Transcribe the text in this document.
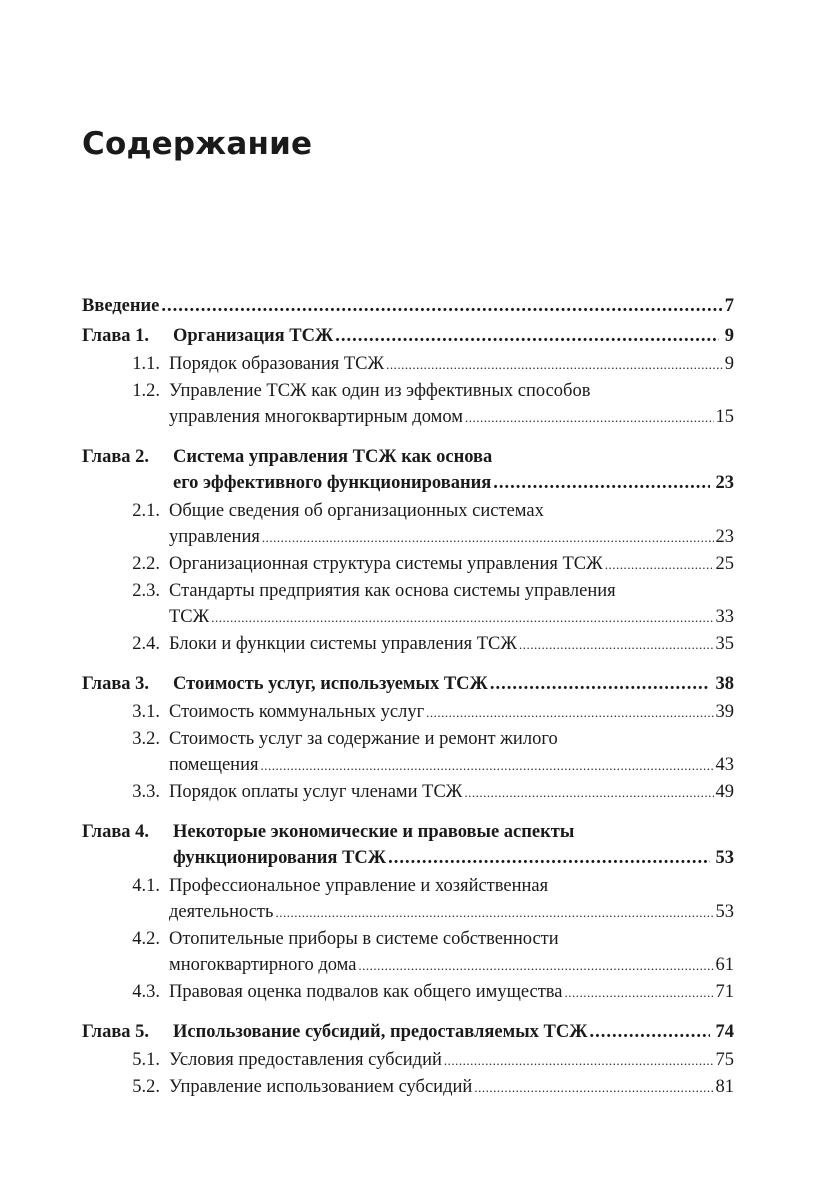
Содержание
Введение .....	7
Глава 1.	Организация ТСЖ .....	9
1.1. Порядок образования ТСЖ .....	9
1.2. Управление ТСЖ как один из эффективных способов
управления многоквартирным домом .....	15
Глава 2.	Система управления ТСЖ как основа
его эффективного функционирования .....	23
2.1. Общие сведения об организационных системах
управления .....	23
2.2. Организационная структура системы управления ТСЖ .....	25
2.3. Стандарты предприятия как основа системы управления
ТСЖ .....	33
2.4. Блоки и функции системы управления ТСЖ .....	35
Глава 3.	Стоимость услуг, используемых ТСЖ .....	38
3.1. Стоимость коммунальных услуг .....	39
3.2. Стоимость услуг за содержание и ремонт жилого
помещения .....	43
3.3. Порядок оплаты услуг членами ТСЖ .....	49
Глава 4.	Некоторые экономические и правовые аспекты
функционирования ТСЖ .....	53
4.1. Профессиональное управление и хозяйственная
деятельность .....	53
4.2. Отопительные приборы в системе собственности
многоквартирного дома .....	61
4.3. Правовая оценка подвалов как общего имущества .....	71
Глава 5.	Использование субсидий, предоставляемых ТСЖ .....	74
5.1. Условия предоставления субсидий .....	75
5.2. Управление использованием субсидий .....	81
